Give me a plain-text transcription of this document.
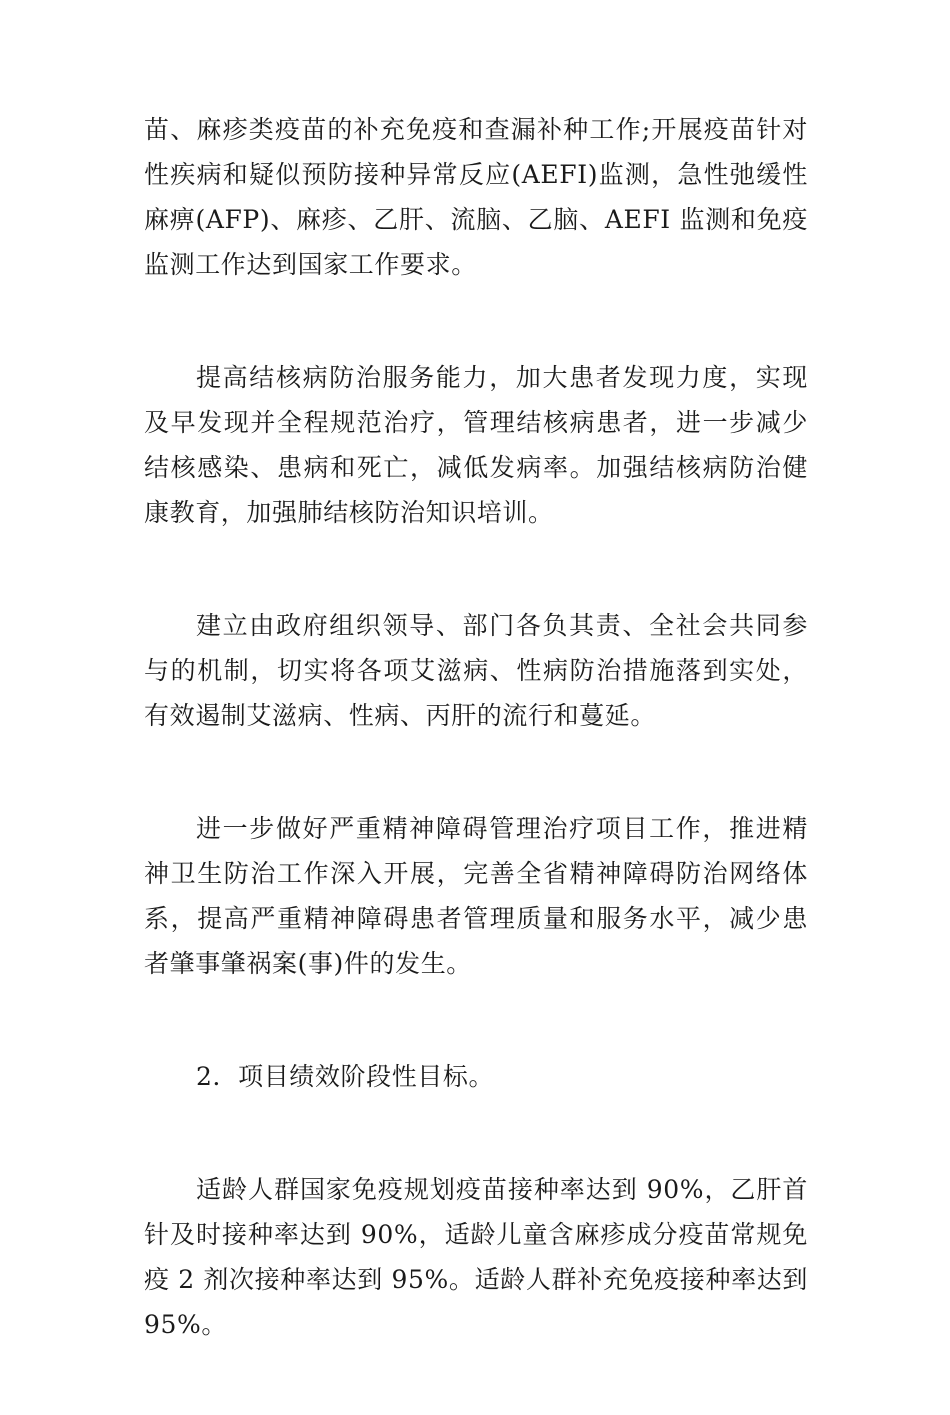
苗、麻疹类疫苗的补充免疫和查漏补种工作;开展疫苗针对性疾病和疑似预防接种异常反应(AEFI)监测，急性弛缓性麻痹(AFP)、麻疹、乙肝、流脑、乙脑、AEFI 监测和免疫监测工作达到国家工作要求。

提高结核病防治服务能力，加大患者发现力度，实现及早发现并全程规范治疗，管理结核病患者，进一步减少结核感染、患病和死亡，减低发病率。加强结核病防治健康教育，加强肺结核防治知识培训。

建立由政府组织领导、部门各负其责、全社会共同参与的机制，切实将各项艾滋病、性病防治措施落到实处，有效遏制艾滋病、性病、丙肝的流行和蔓延。

进一步做好严重精神障碍管理治疗项目工作，推进精神卫生防治工作深入开展，完善全省精神障碍防治网络体系，提高严重精神障碍患者管理质量和服务水平，减少患者肇事肇祸案(事)件的发生。

2．项目绩效阶段性目标。

适龄人群国家免疫规划疫苗接种率达到 90%，乙肝首针及时接种率达到 90%，适龄儿童含麻疹成分疫苗常规免疫 2 剂次接种率达到 95%。适龄人群补充免疫接种率达到 95%。
